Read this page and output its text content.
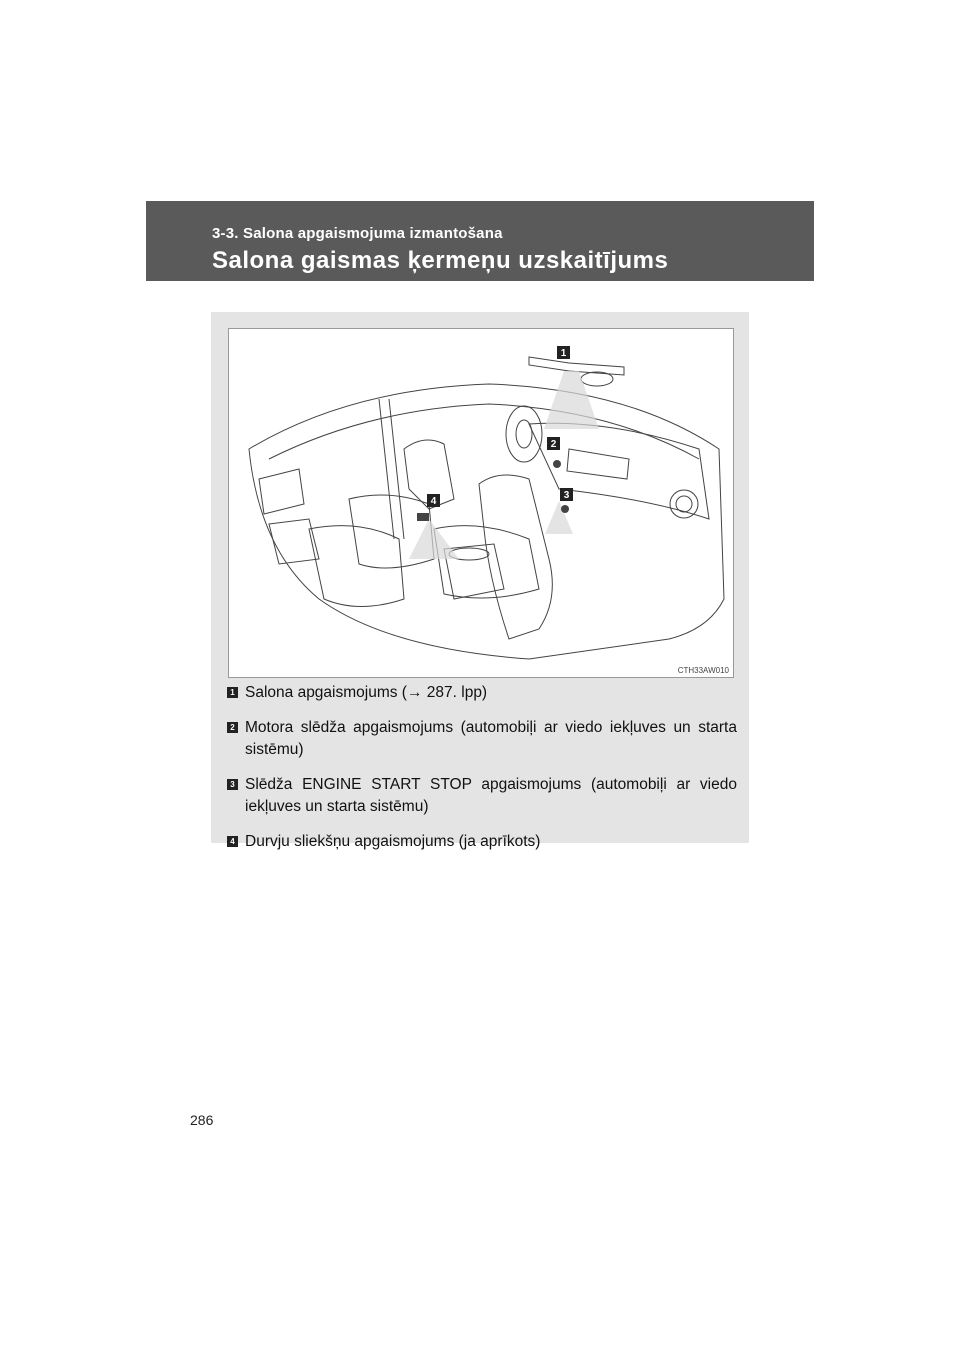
3-3. Salona apgaismojuma izmantošana
Salona gaismas ķermeņu uzskaitījums
1
2
3
4
CTH33AW010
1 Salona apgaismojums (→ 287. lpp)
2 Motora slēdža apgaismojums (automobiļi ar viedo iekļuves un starta sistēmu)
3 Slēdža ENGINE START STOP apgaismojums (automobiļi ar viedo iekļuves un starta sistēmu)
4 Durvju sliekšņu apgaismojums (ja aprīkots)
286
